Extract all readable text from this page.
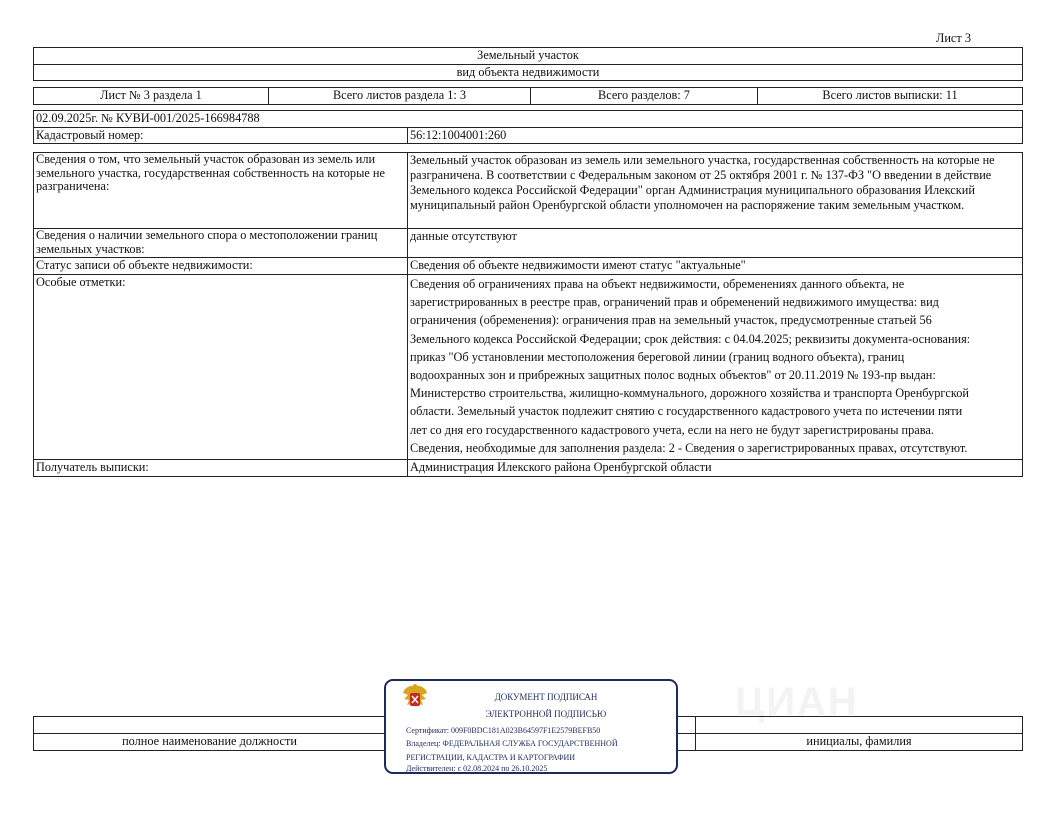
Лист 3
Земельный участок
вид объекта недвижимости
Лист № 3 раздела 1	Всего листов раздела 1: 3	Всего разделов: 7	Всего листов выписки: 11
02.09.2025г. № КУВИ-001/2025-166984788
Кадастровый номер:	56:12:1004001:260
Сведения о том, что земельный участок образован из земель или земельного участка, государственная собственность на которые не разграничена:	Земельный участок образован из земель или земельного участка, государственная собственность на которые не разграничена. В соответствии с Федеральным законом от 25 октября 2001 г. № 137-ФЗ "О введении в действие Земельного кодекса Российской Федерации" орган Администрация муниципального образования Илекский муниципальный район Оренбургской области уполномочен на распоряжение таким земельным участком.
Сведения о наличии земельного спора о местоположении границ земельных участков:	данные отсутствуют
Статус записи об объекте недвижимости:	Сведения об объекте недвижимости имеют статус "актуальные"
Особые отметки:	Сведения об ограничениях права на объект недвижимости, обременениях данного объекта, не зарегистрированных в реестре прав, ограничений прав и обременений недвижимого имущества: вид ограничения (обременения): ограничения прав на земельный участок, предусмотренные статьей 56 Земельного кодекса Российской Федерации; срок действия: с 04.04.2025; реквизиты документа-основания: приказ "Об установлении местоположения береговой линии (границ водного объекта), границ водоохранных зон и прибрежных защитных полос водных объектов" от 20.11.2019 № 193-пр выдан: Министерство строительства, жилищно-коммунального, дорожного хозяйства и транспорта Оренбургской области. Земельный участок подлежит снятию с государственного кадастрового учета по истечении пяти лет со дня его государственного кадастрового учета, если на него не будут зарегистрированы права. Сведения, необходимые для заполнения раздела: 2 - Сведения о зарегистрированных правах, отсутствуют.
Получатель выписки:	Администрация Илекского района Оренбургской области
ЦИАН

полное наименование должности		инициалы, фамилия
ДОКУМЕНТ ПОДПИСАН
ЭЛЕКТРОННОЙ ПОДПИСЬЮ
Сертификат: 009F0BDC181A023B64597F1E2579BEFB50
Владелец: ФЕДЕРАЛЬНАЯ СЛУЖБА ГОСУДАРСТВЕННОЙ
РЕГИСТРАЦИИ, КАДАСТРА И КАРТОГРАФИИ
Действителен: с 02.08.2024 по 26.10.2025
